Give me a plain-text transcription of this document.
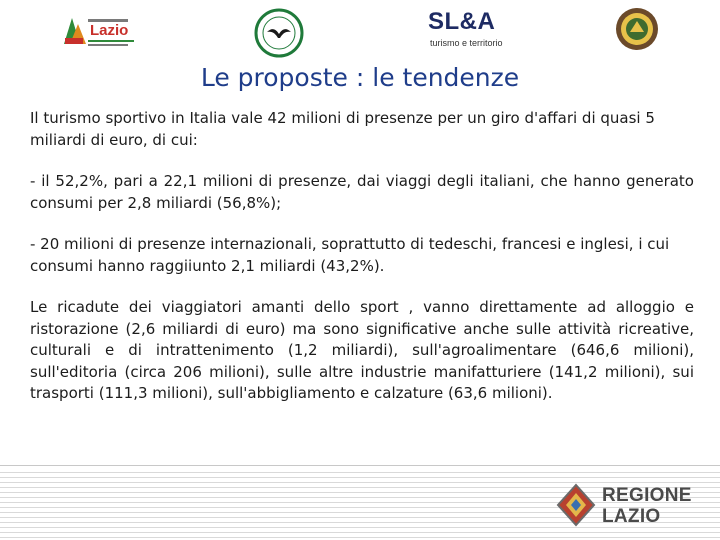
Lazio	SL&A
turismo e territorio
Le proposte : le tendenze

Il turismo sportivo in Italia vale 42 milioni di presenze per un giro d'affari di quasi 5 miliardi di euro, di cui:

- il 52,2%, pari a 22,1 milioni di presenze, dai viaggi degli italiani, che hanno generato consumi per 2,8 miliardi (56,8%);

- 20 milioni di presenze internazionali, soprattutto di tedeschi, francesi e inglesi, i cui consumi hanno raggiiunto 2,1 miliardi (43,2%).

Le ricadute dei viaggiatori amanti dello sport , vanno direttamente ad alloggio e ristorazione (2,6 miliardi di euro) ma sono significative anche sulle attività ricreative, culturali e di intrattenimento (1,2 miliardi), sull'agroalimentare (646,6 milioni), sull'editoria (circa 206 milioni), sulle altre industrie manifatturiere (141,2 milioni), sui trasporti (111,3 milioni), sull'abbigliamento e calzature (63,6 milioni).

REGIONE
LAZIO
